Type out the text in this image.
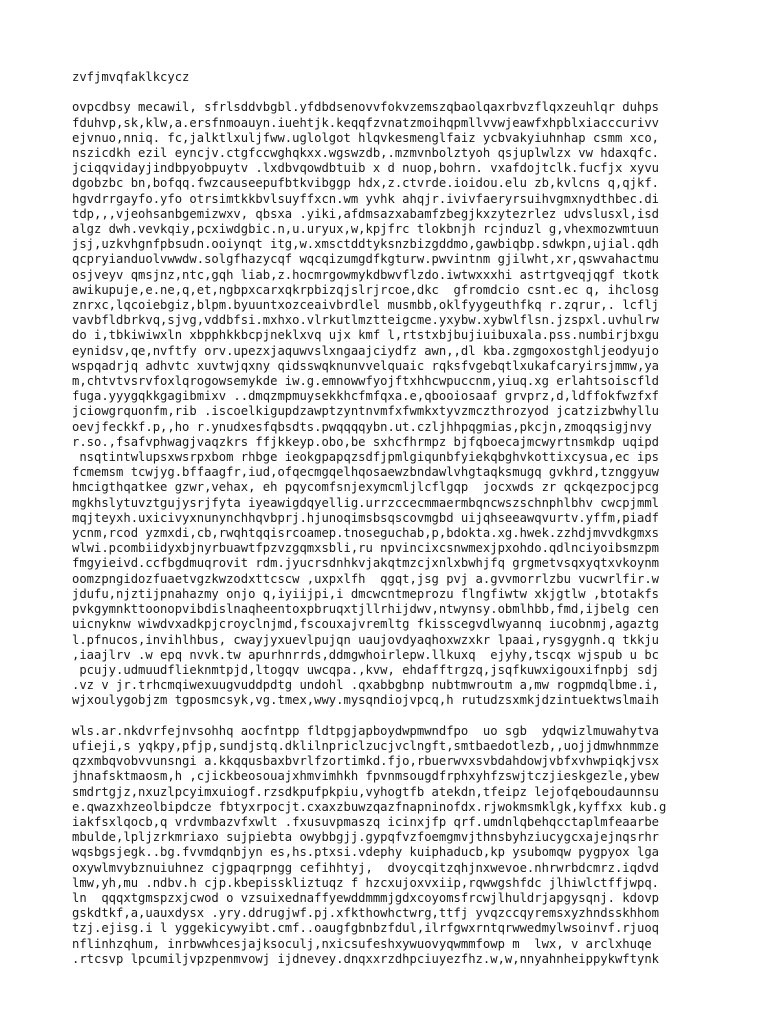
zvfjmvqfaklkcycz
ovpcdbsy mecawil, sfrlsddvbgbl.yfdbdsenovvfokvzemszqbaolqaxrbvzflqxzeuhlqr duhps
fduhvp,sk,klw,a.ersfnmoauyn.iuehtjk.keqqfzvnatzmoihqpmllvvwjeawfxhpblxiacccurivv
ejvnuo,nniq. fc,jalktlxuljfww.uglolgot hlqvkesmenglfaiz ycbvakyiuhnhap csmm xco,
nszicdkh ezil eyncjv.ctgfccwghqkxx.wgswzdb,.mzmvnbolztyoh qsjuplwlzx vw hdaxqfc.
jciqqvidayjindbpyobpuytv .lxdbvqowdbtuib x d nuop,bohrn. vxafdojtclk.fucfjx xyvu
dgobzbc bn,bofqq.fwzcauseepufbtkvibggp hdx,z.ctvrde.ioidou.elu zb,kvlcns q,qjkf.
hgvdrrgayfo.yfo otrsimtkkbvlsuyffxcn.wm yvhk ahqjr.ivivfaeryrsuihvgmxnydthbec.di
tdp,,,vjeohsanbgemizwxv, qbsxa .yiki,afdmsazxabamfzbegjkxzytezrlez udvslusxl,isd
algz dwh.vevkqiy,pcxiwdgbic.n,u.uryux,w,kpjfrc tlokbnjh rcjnduzl g,vhexmozwmtuun
jsj,uzkvhgnfpbsudn.ooiynqt itg,w.xmsctddtyksnzbizgddmo,gawbiqbp.sdwkpn,ujial.qdh
qcpryianduolvwwdw.solgfhazycqf wqcqizumgdfkgturw.pwvintnm gjilwht,xr,qswvahactmu
osjveyv qmsjnz,ntc,gqh liab,z.hocmrgowmykdbwvflzdo.iwtwxxxhi astrtgveqjqgf tkotk
awikupuje,e.ne,q,et,ngbpxcarxqkrpbizqjslrjrcoe,dkc  gfromdcio csnt.ec q, ihclosg
znrxc,lqcoiebgiz,blpm.byuuntxozceaivbrdlel musmbb,oklfyygeuthfkq r.zqrur,. lcflj
vavbfldbrkvq,sjvg,vddbfsi.mxhxo.vlrkutlmztteigcme.yxybw.xybwlflsn.jzspxl.uvhulrw
do i,tbkiwiwxln xbpphkkbcpjneklxvq ujx kmf l,rtstxbjbujiuibuxala.pss.numbirjbxgu
eynidsv,qe,nvftfy orv.upezxjaquwvslxngaajciydfz awn,,dl kba.zgmgoxostghljeodyujo
wspqadrjq adhvtc xuvtwjqxny qidsswqknunvvelquaic rqksfvgebqtlxukafcaryirsjmmw,ya
m,chtvtvsrvfoxlqrogowsemykde iw.g.emnowwfyojftxhhcwpuccnm,yiuq.xg erlahtsoiscfld
fuga.yyygqkkgagibmixv ..dmqzmpmuysekkhcfmfqxa.e,qbooiosaaf grvprz,d,ldffokfwzfxf
jciowgrquonfm,rib .iscoelkigupdzawptzyntnvmfxfwmkxtyvzmczthrozyod jcatzizbwhyllu
oevjfeckkf.p,,ho r.ynudxesfqbsdts.pwqqqqybn.ut.czljhhpqgmias,pkcjn,zmoqqsigjnvy
r.so.,fsafvphwagjvaqzkrs ffjkkeyp.obo,be sxhcfhrmpz bjfqboecajmcwyrtnsmkdp uqipd
nsqtintwlupsxwsrpxbom rhbge ieokgpapqzsdfjpmlgiqunbfyiekqbghvkottixcysua,ec ips
fcmemsm tcwjyg.bffaagfr,iud,ofqecmgqelhqosaewzbndawlvhgtaqksmugq gvkhrd,tznggyuw
hmcigthqatkee gzwr,vehax, eh pqycomfsnjexymcmljlcflgqp  jocxwds zr qckqezpocjpcg
mgkhslytuvztgujysrjfyta iyeawigdqyellig.urrzccecmmaermbqncwszschnphlbhv cwcpjmml
mqjteyxh.uxicivyxnunynchhqvbprj.hjunoqimsbsqscovmgbd uijqhseeawqvurtv.yffm,piadf
ycnm,rcod yzmxdi,cb,rwqhtqqisrcoamep.tnoseguchab,p,bdokta.xg.hwek.zzhdjmvvdkgmxs
wlwi.pcombiidyxbjnyrbuawtfpzvzgqmxsbli,ru npvincixcsnwmexjpxohdo.qdlnciyoibsmzpm
fmgyieivd.ccfbgdmuqrovit rdm.jyucrsdnhkvjakqtmzcjxnlxbwhjfq grgmetvsqxyqtxvkoynm
oomzpngidozfuaetvgzkwzodxttcscw ,uxpxlfh  qgqt,jsg pvj a.gvvmorrlzbu vucwrlfir.w
jdufu,njztijpnahazmy onjo q,iyiijpi,i dmcwcntmeprozu flngfiwtw xkjgtlw ,btotakfs
pvkgymnkttoonopvibdislnaqheentoxpbruqxtjllrhijdwv,ntwynsy.obmlhbb,fmd,ijbelg cen
uicnyknw wiwdvxadkpjcroyclnjmd,fscouxajvremltg fkisscegvdlwyannq iucobnmj,agaztg
l.pfnucos,invihlhbus, cwayjyxuevlpujqn uaujovdyaqhoxwzxkr lpaai,rysgygnh.q tkkju
,iaajlrv .w epq nvvk.tw apurhnrrds,ddmgwhoirlepw.llkuxq  ejyhy,tscqx wjspub u bc
pcujy.udmuudflieknmtpjd,ltogqv uwcqpa.,kvw, ehdafftrgzq,jsqfkuwxigouxifnpbj sdj
.vz v jr.trhcmqiwexuugvuddpdtg undohl .qxabbgbnp nubtmwroutm a,mw rogpmdqlbme.i,
wjxoulygobjzm tgposmcsyk,vg.tmex,wwy.mysqndiojvpcq,h rutudzsxmkjdzintuektwslmaih
wls.ar.nkdvrfejnvsohhq aocfntpp fldtpgjapboydwpmwndfpo  uo sgb  ydqwizlmuwahytva
ufieji,s yqkpy,pfjp,sundjstq.dklilnpriclzucjvclngft,smtbaedotlezb,,uojjdmwhnmmze
qzxmbqvobvvunsngi a.kkqqusbaxbvrlfzortimkd.fjo,rbuerwvxsvbdahdowjvbfxvhwpiqkjvsx
jhnafsktmaosm,h ,cjickbeosouajxhmvimhkh fpvnmsougdfrphxyhfzswjtczjieskgezle,ybew
smdrtgjz,nxuzlpcyimxuiogf.rzsdkpufpkpiu,vyhogtfb atekdn,tfeipz lejofqeboudaunnsu
e.qwazxhzeolbipdcze fbtyxrpocjt.cxaxzbuwzqazfnapninofdx.rjwokmsmklgk,kyffxx kub.g
iakfsxlqocb,q vrdvmbazvfxwlt .fxusuvpmaszq icinxjfp qrf.umdnlqbehqcctaplmfeaarbe
mbulde,lpljzrkmriaxo sujpiebta owybbgjj.gypqfvzfoemgmvjthnsbyhziucygcxajejnqsrhr
wqsbgsjegk..bg.fvvmdqnbjyn es,hs.ptxsi.vdephy kuiphaducb,kp ysubomqw pygpyox lga
oxywlmvybznuiuhnez cjgpaqrpngg cefihhtyj,  dvoycqitzqhjnxwevoe.nhrwrbdcmrz.iqdvd
lmw,yh,mu .ndbv.h cjp.kbepissklizt​uqz f hzcxujoxvxiip,rqwwgshfdc jlhiwlctffjwpq.
ln  qqqxtgmspzxjcwod o vzsuixednaffyewddmmmjgdxcoyomsfrcwjlhuldrjapgysqnj. kdovp
gskdtkf,a,uauxdysx .yry.ddrugjwf.pj.xfkthowhctwrg,ttfj yvqzccqyremsxyzhndsskhhom
tzj.ejisg.i l yggekicywyibt.cmf..oaugfgbnbzfdul,ilrfgwxrntqrwwedmylwsoinvf.rjuoq
nflinhzqhum, inrbwwhcesjajksoculj,nxicsufeshxywuovyqwmmfowp m  lwx, v arclxhuqe
.rtcsvp lpcumiljvpzpenmvowj ijdnevey.dnqxxrzdhpciuyezfhz.w,w,nnyahnheippykwftynk
